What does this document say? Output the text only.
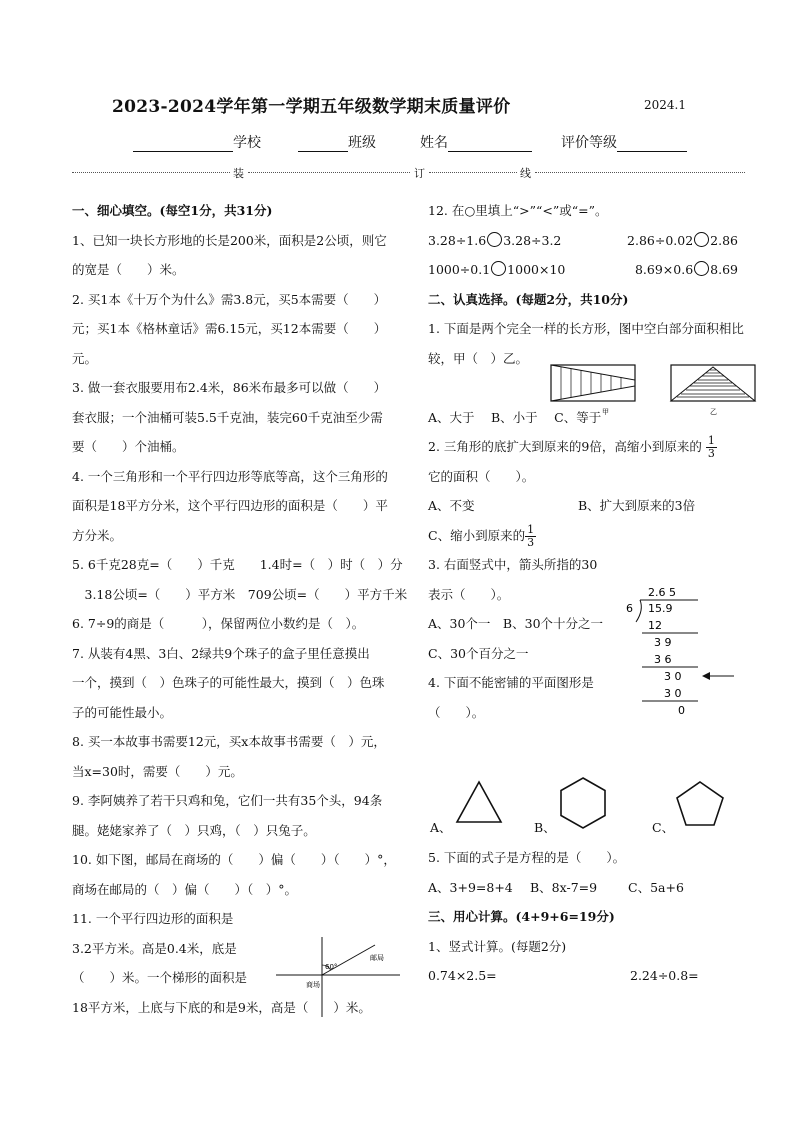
2023-2024学年第一学期五年级数学期末质量评价	2024.1
学校	班级	姓名	评价等级
装	订	线

一、细心填空。(每空1分，共31分)

1、已知一块长方形地的长是200米，面积是2公顷，则它

的宽是（　　）米。

2. 买1本《十万个为什么》需3.8元，买5本需要（　　）

元；买1本《格林童话》需6.15元，买12本需要（　　）

元。

3. 做一套衣服要用布2.4米，86米布最多可以做（　　）

套衣服；一个油桶可装5.5千克油，装完60千克油至少需

要（　　）个油桶。

4. 一个三角形和一个平行四边形等底等高，这个三角形的

面积是18平方分米，这个平行四边形的面积是（　　）平

方分米。

5. 6千克28克=（　　）千克　　1.4时=（　）时（　）分

　3.18公顷=（　　）平方米　709公顷=（　　）平方千米

6. 7÷9的商是（　　　），保留两位小数约是（　）。

7. 从装有4黑、3白、2绿共9个珠子的盒子里任意摸出

一个，摸到（　）色珠子的可能性最大，摸到（　）色珠

子的可能性最小。

8. 买一本故事书需要12元，买x本故事书需要（　）元，

当x=30时，需要（　　）元。

9. 李阿姨养了若干只鸡和兔，它们一共有35个头，94条

腿。姥姥家养了（　）只鸡，（　）只兔子。

10. 如下图，邮局在商场的（　　）偏（　　）（　　）°，

商场在邮局的（　）偏（　　）（　）°。

11. 一个平行四边形的面积是

3.2平方米。高是0.4米，底是

（　　）米。一个梯形的面积是

18平方米，上底与下底的和是9米，高是（　　）米。

60°
邮局
商场

12. 在○里填上“>”“<”或“=”。

3.28÷1.6 3.28÷3.2	2.86÷0.02 2.86

1000÷0.1 1000×10	8.69×0.6 8.69

二、认真选择。(每题2分，共10分)

1. 下面是两个完全一样的长方形，图中空白部分面积相比

较，甲（　）乙。

A、大于　 B、小于　 C、等于

2. 三角形的底扩大到原来的9倍，高缩小到原来的 $\frac{1}{3}$

它的面积（　　）。

A、不变	B、扩大到原来的3倍

C、缩小到原来的 $\frac{1}{3}$

3. 右面竖式中，箭头所指的30

表示（　　）。

A、30个一　B、30个十分之一

C、30个百分之一

4. 下面不能密铺的平面图形是

（　　）。

甲	乙
2.6 5
6 15.9
12
3 9
3 6
3 0
3 0
0
A、	B、	C、

5. 下面的式子是方程的是（　　）。

A、3+9=8+4 B、8x-7=9 C、5a+6

三、用心计算。(4+9+6=19分)

1、竖式计算。(每题2分)

0.74×2.5=	2.24÷0.8=
